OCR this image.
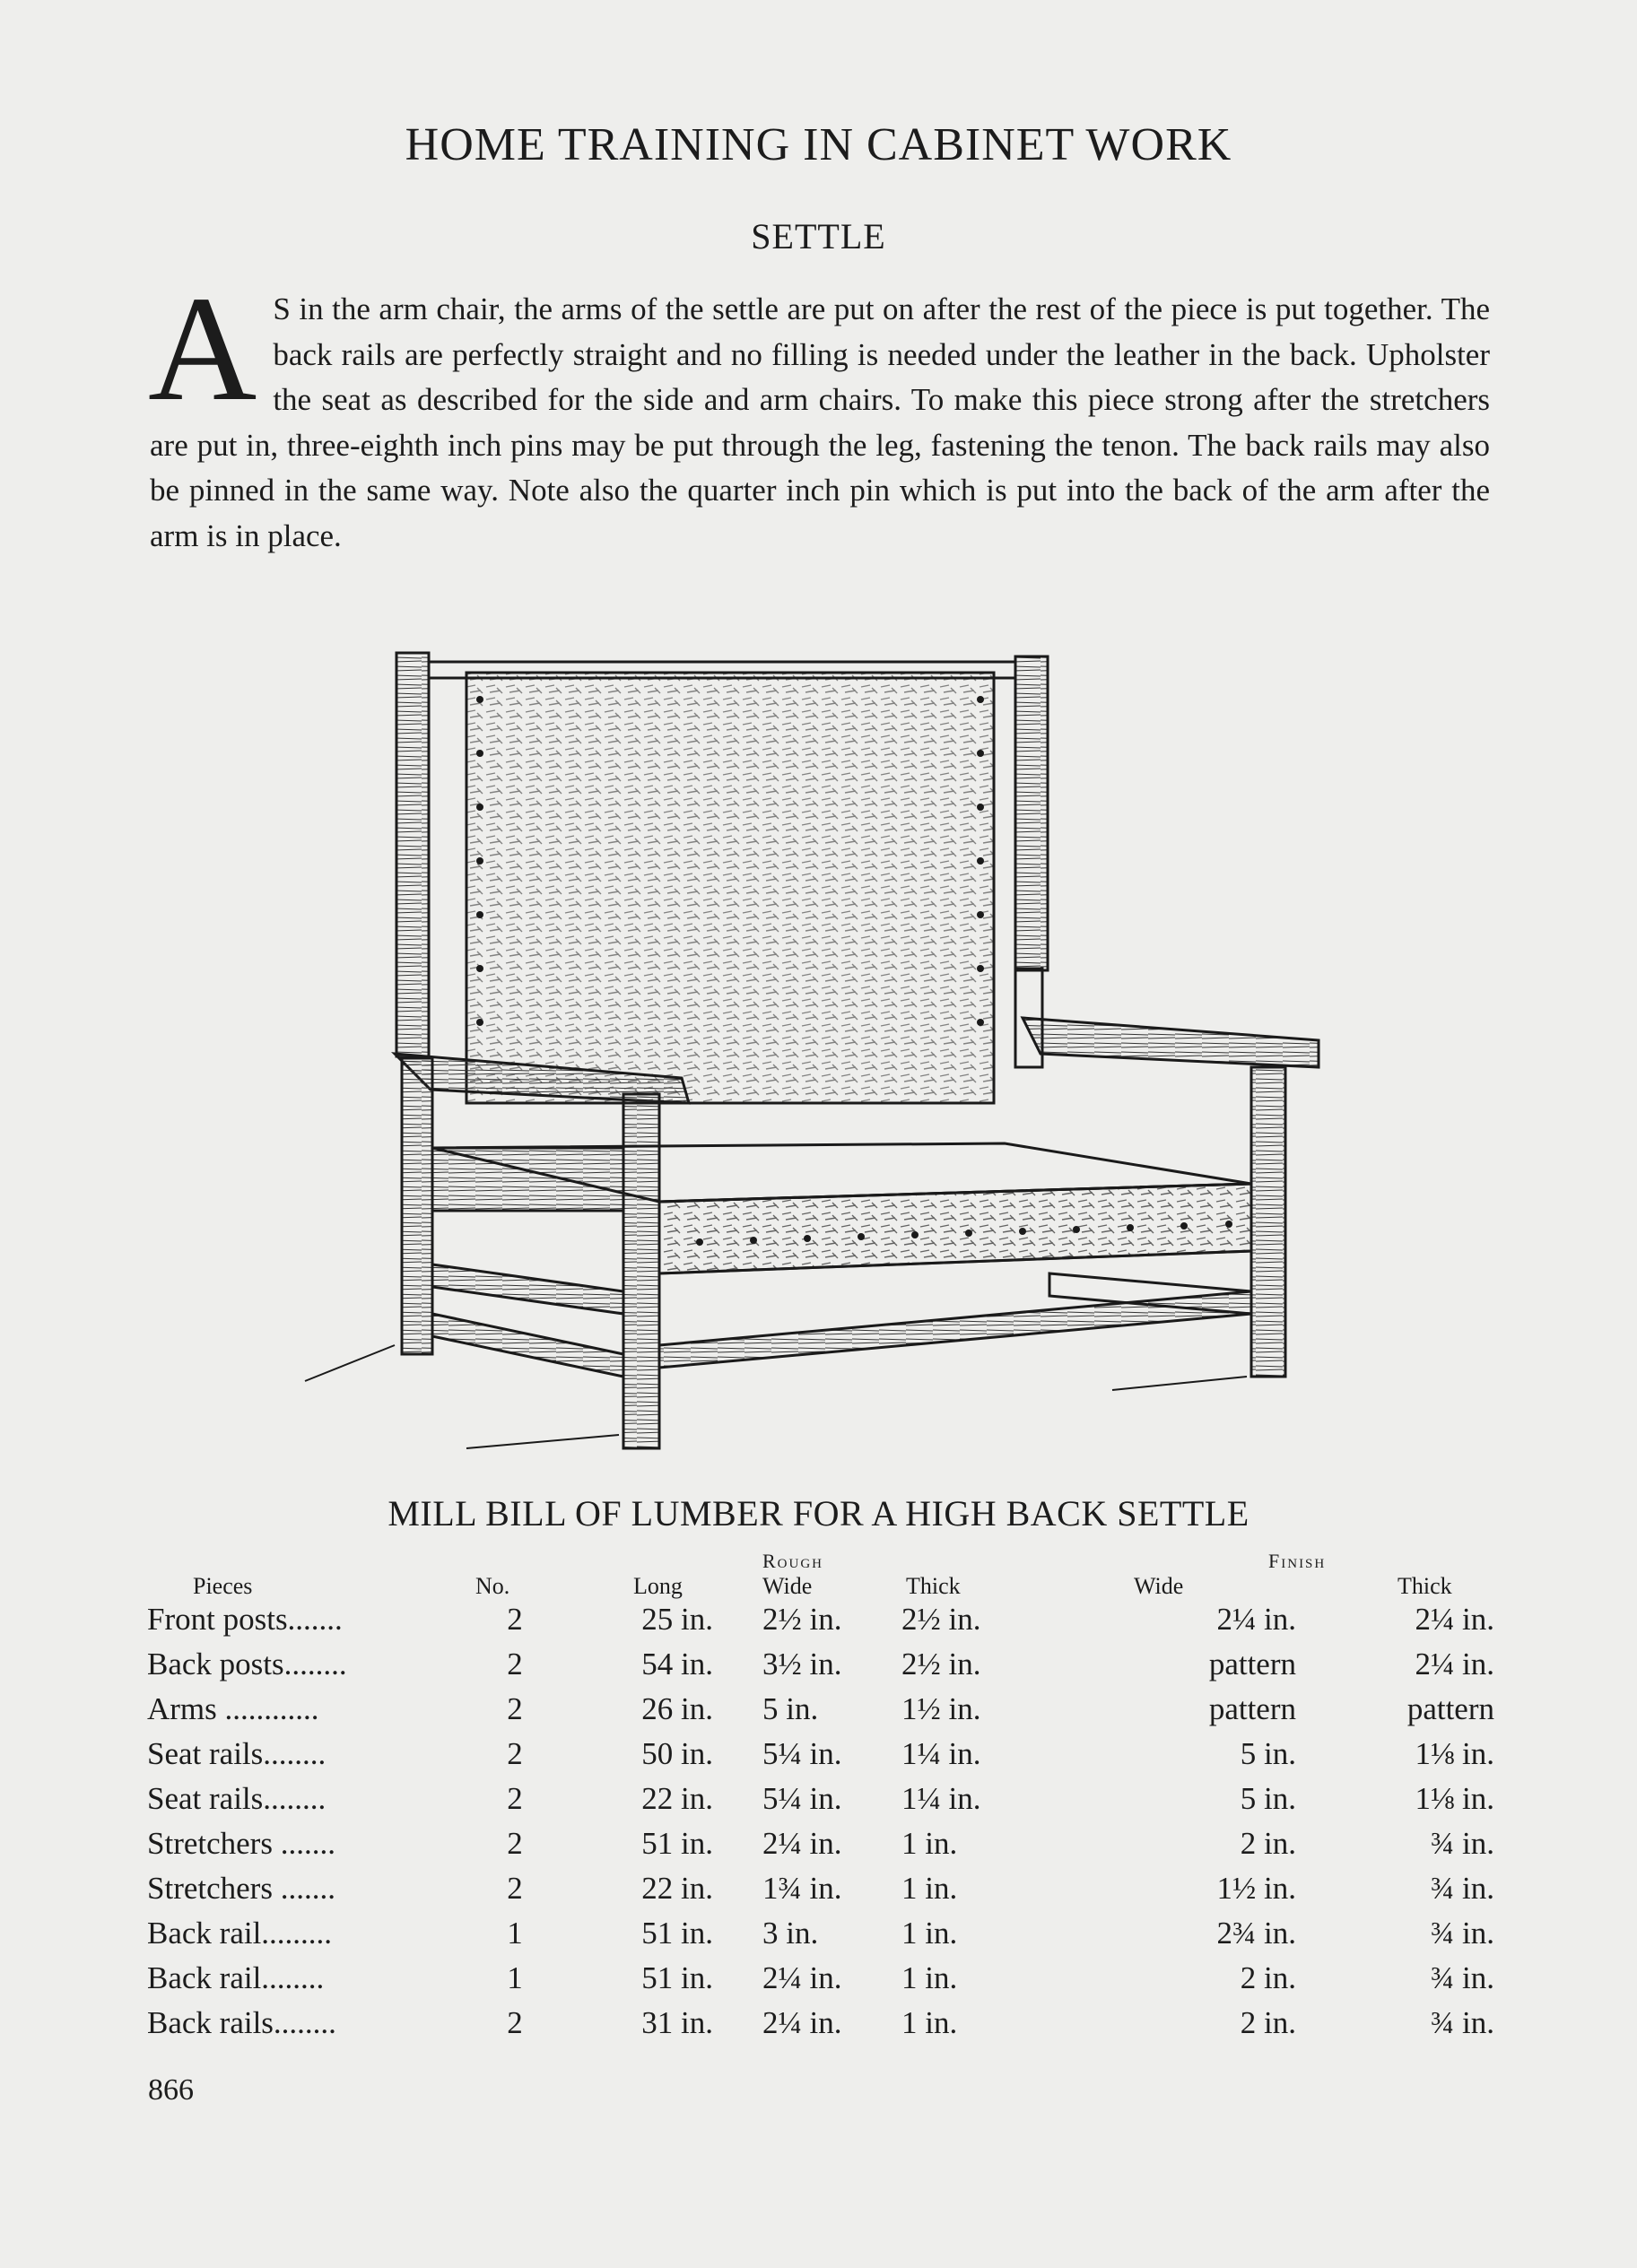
HOME TRAINING IN CABINET WORK
SETTLE

A S in the arm chair, the arms of the settle are put on after the rest of the piece is put together. The back rails are perfectly straight and no filling is needed under the leather in the back. Upholster the seat as described for the side and arm chairs. To make this piece strong after the stretchers are put in, three-eighth inch pins may be put through the leg, fastening the tenon. The back rails may also be pinned in the same way. Note also the quarter inch pin which is put into the back of the arm after the arm is in place.

MILL BILL OF LUMBER FOR A HIGH BACK SETTLE
Rough	Finish
Pieces	No.	Long	Wide	Thick	Wide	Thick
Front posts.......	2	25 in. 2½ in.	2½ in.	2¼ in.	2¼ in.
Back posts........	2	54 in. 3½ in.	2½ in.	pattern	2¼ in.
Arms ............	2	26 in. 5 in.	1½ in.	pattern	pattern
Seat rails........	2	50 in. 5¼ in.	1¼ in.	5 in.	1⅛ in.
Seat rails........	2	22 in. 5¼ in.	1¼ in.	5 in.	1⅛ in.
Stretchers .......	2	51 in. 2¼ in.	1 in.	2 in.	¾ in.
Stretchers .......	2	22 in. 1¾ in.	1 in.	1½ in.	¾ in.
Back rail.........	1	51 in. 3 in.	1 in.	2¾ in.	¾ in.
Back rail........	1	51 in. 2¼ in.	1 in.	2 in.	¾ in.
Back rails........	2	31 in. 2¼ in.	1 in.	2 in.	¾ in.

866
